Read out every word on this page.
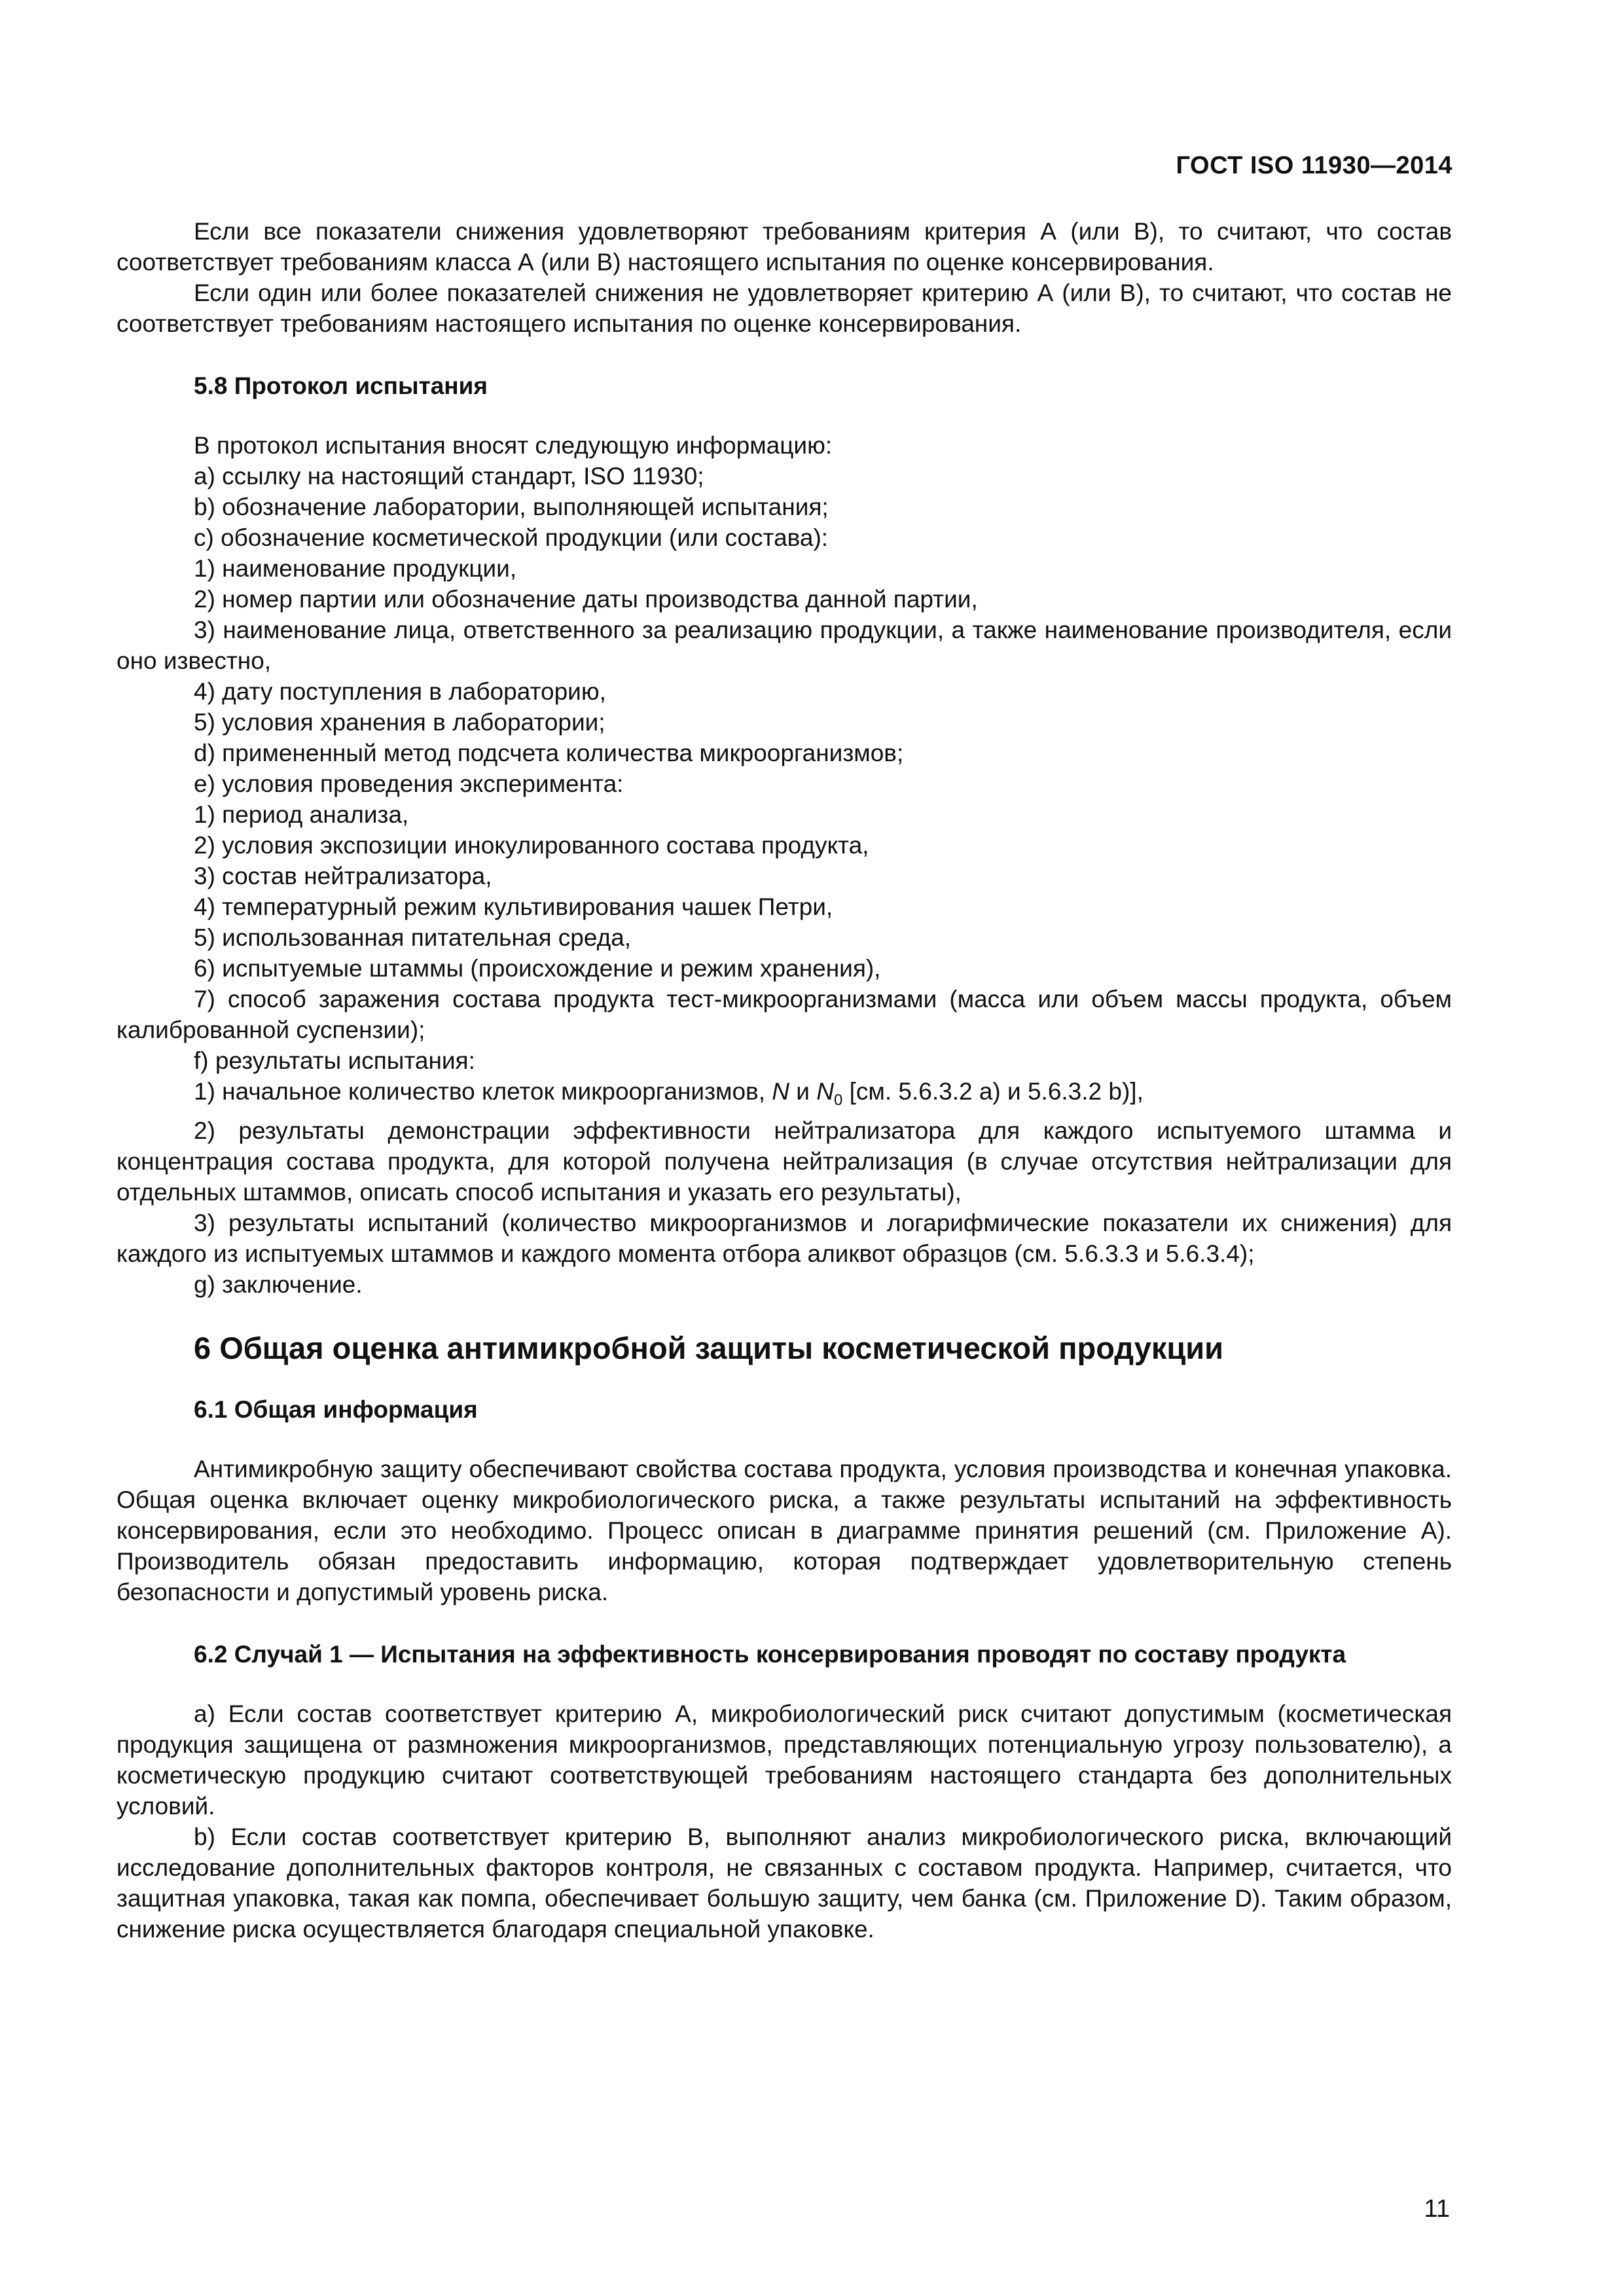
ГОСТ ISO 11930—2014

Если все показатели снижения удовлетворяют требованиям критерия А (или В), то считают, что состав соответствует требованиям класса А (или В) настоящего испытания по оценке консервирования.

Если один или более показателей снижения не удовлетворяет критерию А (или В), то считают, что состав не соответствует требованиям настоящего испытания по оценке консервирования.

5.8 Протокол испытания

В протокол испытания вносят следующую информацию:

а) ссылку на настоящий стандарт, ISO 11930;

b) обозначение лаборатории, выполняющей испытания;

с) обозначение косметической продукции (или состава):

1) наименование продукции,

2) номер партии или обозначение даты производства данной партии,

3) наименование лица, ответственного за реализацию продукции, а также наименование производителя, если оно известно,

4) дату поступления в лабораторию,

5) условия хранения в лаборатории;

d) примененный метод подсчета количества микроорганизмов;

е) условия проведения эксперимента:

1) период анализа,

2) условия экспозиции инокулированного состава продукта,

3) состав нейтрализатора,

4) температурный режим культивирования чашек Петри,

5) использованная питательная среда,

6) испытуемые штаммы (происхождение и режим хранения),

7) способ заражения состава продукта тест-микроорганизмами (масса или объем массы продукта, объем калиброванной суспензии);

f) результаты испытания:

1) начальное количество клеток микроорганизмов, N и $N_0$ [см. 5.6.3.2 а) и 5.6.3.2 b)],

2) результаты демонстрации эффективности нейтрализатора для каждого испытуемого штамма и концентрация состава продукта, для которой получена нейтрализация (в случае отсутствия нейтрализации для отдельных штаммов, описать способ испытания и указать его результаты),

3) результаты испытаний (количество микроорганизмов и логарифмические показатели их снижения) для каждого из испытуемых штаммов и каждого момента отбора аликвот образцов (см. 5.6.3.3 и 5.6.3.4);

g) заключение.

6 Общая оценка антимикробной защиты косметической продукции
6.1 Общая информация

Антимикробную защиту обеспечивают свойства состава продукта, условия производства и конечная упаковка. Общая оценка включает оценку микробиологического риска, а также результаты испытаний на эффективность консервирования, если это необходимо. Процесс описан в диаграмме принятия решений (см. Приложение А). Производитель обязан предоставить информацию, которая подтверждает удовлетворительную степень безопасности и допустимый уровень риска.

6.2 Случай 1 — Испытания на эффективность консервирования проводят по составу продукта

а) Если состав соответствует критерию А, микробиологический риск считают допустимым (косметическая продукция защищена от размножения микроорганизмов, представляющих потенциальную угрозу пользователю), а косметическую продукцию считают соответствующей требованиям настоящего стандарта без дополнительных условий.

b) Если состав соответствует критерию В, выполняют анализ микробиологического риска, включающий исследование дополнительных факторов контроля, не связанных с составом продукта. Например, считается, что защитная упаковка, такая как помпа, обеспечивает большую защиту, чем банка (см. Приложение D). Таким образом, снижение риска осуществляется благодаря специальной упаковке.

11
